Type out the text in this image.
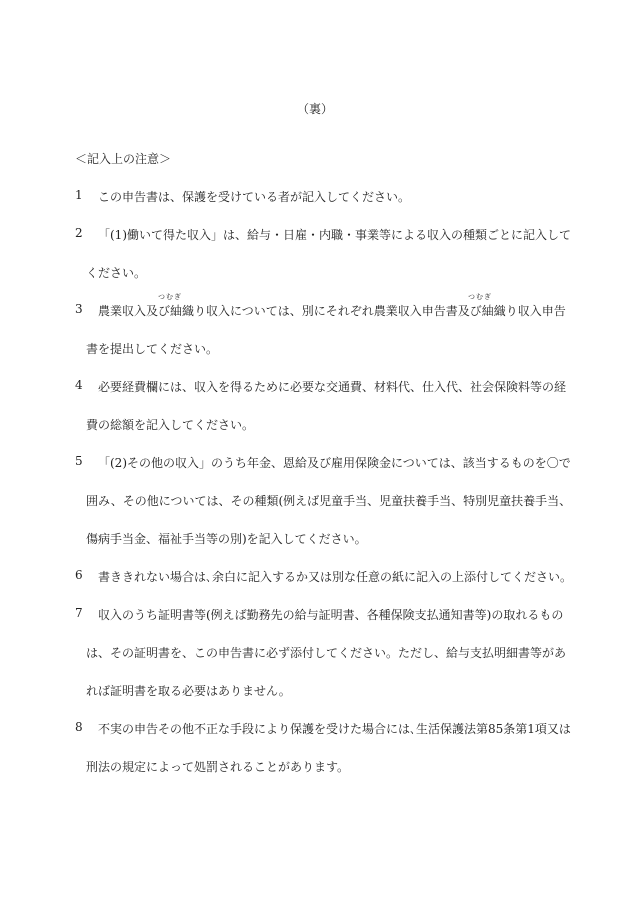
（裏）
＜記入上の注意＞
1 この申告書は、保護を受けている者が記入してください。
2 「(1)働いて得た収入」は、給与・日雇・内職・事業等による収入の種類ごとに記入して
ください。
つむぎ	つむぎ
3 農業収入及び紬織り収入については、別にそれぞれ農業収入申告書及び紬織り収入申告
書を提出してください。
4 必要経費欄には、収入を得るために必要な交通費、材料代、仕入代、社会保険料等の経
費の総額を記入してください。
5 「(2)その他の収入」のうち年金、恩給及び雇用保険金については、該当するものを〇で
囲み、その他については、その種類(例えば児童手当、児童扶養手当、特別児童扶養手当、
傷病手当金、福祉手当等の別)を記入してください。
6 書ききれない場合は､余白に記入するか又は別な任意の紙に記入の上添付してください。
7 収入のうち証明書等(例えば勤務先の給与証明書、各種保険支払通知書等)の取れるもの
は、その証明書を、この申告書に必ず添付してください。ただし、給与支払明細書等があ
れば証明書を取る必要はありません。
8 不実の申告その他不正な手段により保護を受けた場合には､生活保護法第85条第1項又は
刑法の規定によって処罰されることがあります。
